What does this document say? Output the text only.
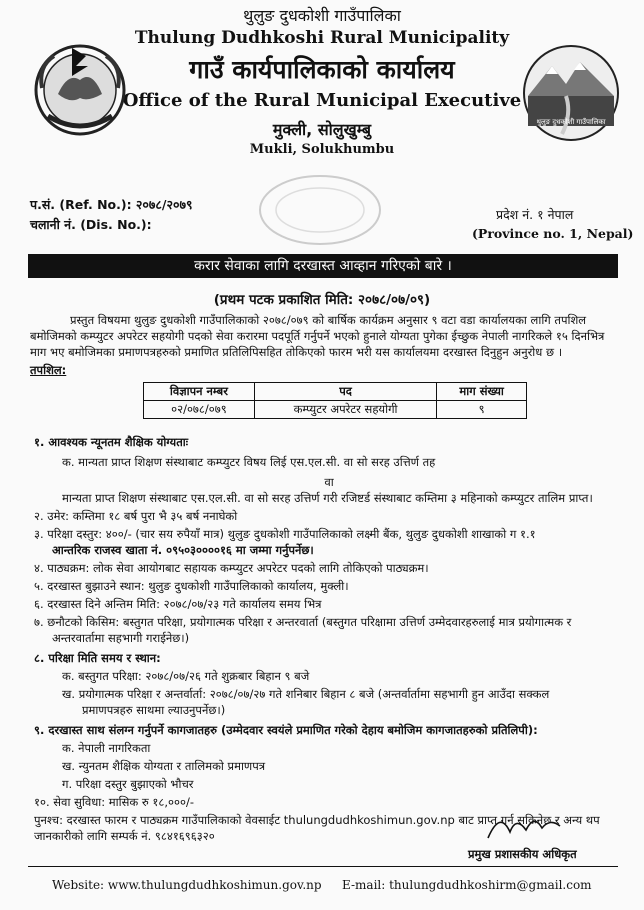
थुलुङ दुधकोशी गाउँपालिका
Thulung Dudhkoshi Rural Municipality
गाउँ कार्यपालिकाको कार्यालय
Office of the Rural Municipal Executive
मुक्ली, सोलुखुम्बु
Mukli, Solukhumbu
थुलुङ दुधकोशी गाउँपालिका
प.सं. (Ref. No.): २०७८/२०७९
चलानी नं. (Dis. No.):
प्रदेश नं. १ नेपाल
(Province no. 1, Nepal)
करार सेवाका लागि दरखास्त आव्हान गरिएको बारे ।
(प्रथम पटक प्रकाशित मिति: २०७८/०७/०९)
प्रस्तुत विषयमा थुलुङ दुधकोशी गाउँपालिकाको २०७८/०७९ को बार्षिक कार्यक्रम अनुसार ९ वटा वडा कार्यालयका लागि तपशिल
बमोजिमको कम्प्युटर अपरेटर सहयोगी पदको सेवा करारमा पदपूर्ति गर्नुपर्ने भएको हुनाले योग्यता पुगेका ईच्छुक नेपाली नागरिकले १५ दिनभित्र
माग भए बमोजिमका प्रमाणपत्रहरुको प्रमाणित प्रतिलिपिसहित तोकिएको फारम भरी यस कार्यालयमा दरखास्त दिनुहुन अनुरोध छ ।
तपशिल:
विज्ञापन नम्बर	पद	माग संख्या
०२/०७८/०७९	कम्प्युटर अपरेटर सहयोगी	९
१. आवश्यक न्यूनतम शैक्षिक योग्यताः
क. मान्यता प्राप्त शिक्षण संस्थाबाट कम्प्युटर विषय लिई एस.एल.सी. वा सो सरह उत्तिर्ण तह
वा
मान्यता प्राप्त शिक्षण संस्थाबाट एस.एल.सी. वा सो सरह उत्तिर्ण गरी रजिष्टर्ड संस्थाबाट कम्तिमा ३ महिनाको कम्प्युटर तालिम प्राप्त।
२. उमेर: कम्तिमा १८ बर्ष पुरा भै ३५ बर्ष ननाघेको
३. परिक्षा दस्तुर: ४००/- (चार सय रुपैयाँ मात्र) थुलुङ दुधकोशी गाउँपालिकाको लक्ष्मी बैंक, थुलुङ दुधकोशी शाखाको ग १.१
आन्तरिक राजस्व खाता नं. ०९५०३००००१६ मा जम्मा गर्नुपर्नेछ।
४. पाठ्यक्रम: लोक सेवा आयोगबाट सहायक कम्प्युटर अपरेटर पदको लागि तोकिएको पाठ्यक्रम।
५. दरखास्त बुझाउने स्थान: थुलुङ दुधकोशी गाउँपालिकाको कार्यालय, मुक्ली।
६. दरखास्त दिने अन्तिम मिति: २०७८/०७/२३ गते कार्यालय समय भित्र
७. छनौटको किसिम: बस्तुगत परिक्षा, प्रयोगात्मक परिक्षा र अन्तरवार्ता (बस्तुगत परिक्षामा उत्तिर्ण उम्मेदवारहरुलाई मात्र प्रयोगात्मक र
अन्तरवार्तामा सहभागी गराईनेछ।)
८. परिक्षा मिति समय र स्थान:
क. बस्तुगत परिक्षा: २०७८/०७/२६ गते शुक्रबार बिहान ९ बजे
ख. प्रयोगात्मक परिक्षा र अन्तर्वार्ता: २०७८/०७/२७ गते शनिबार बिहान ८ बजे (अन्तर्वार्तामा सहभागी हुन आउँदा सक्कल
प्रमाणपत्रहरु साथमा ल्याउनुपर्नेछ।)
९. दरखास्त साथ संलग्न गर्नुपर्ने कागजातहरु (उम्मेदवार स्वयंले प्रमाणित गरेको देहाय बमोजिम कागजातहरुको प्रतिलिपी):
क. नेपाली नागरिकता
ख. न्युनतम शैक्षिक योग्यता र तालिमको प्रमाणपत्र
ग. परिक्षा दस्तुर बुझाएको भौचर
१०. सेवा सुविधा: मासिक रु १८,०००/-
पुनश्च: दरखास्त फारम र पाठ्यक्रम गाउँपालिकाको वेवसाईट thulungdudhkoshimun.gov.np बाट प्राप्त गर्न सकिनेछ र अन्य थप
जानकारीको लागि सम्पर्क नं. ९८४१६९६३२०
प्रमुख प्रशासकीय अधिकृत
Website: www.thulungdudhkoshimun.gov.np E-mail: thulungdudhkoshirm@gmail.com
